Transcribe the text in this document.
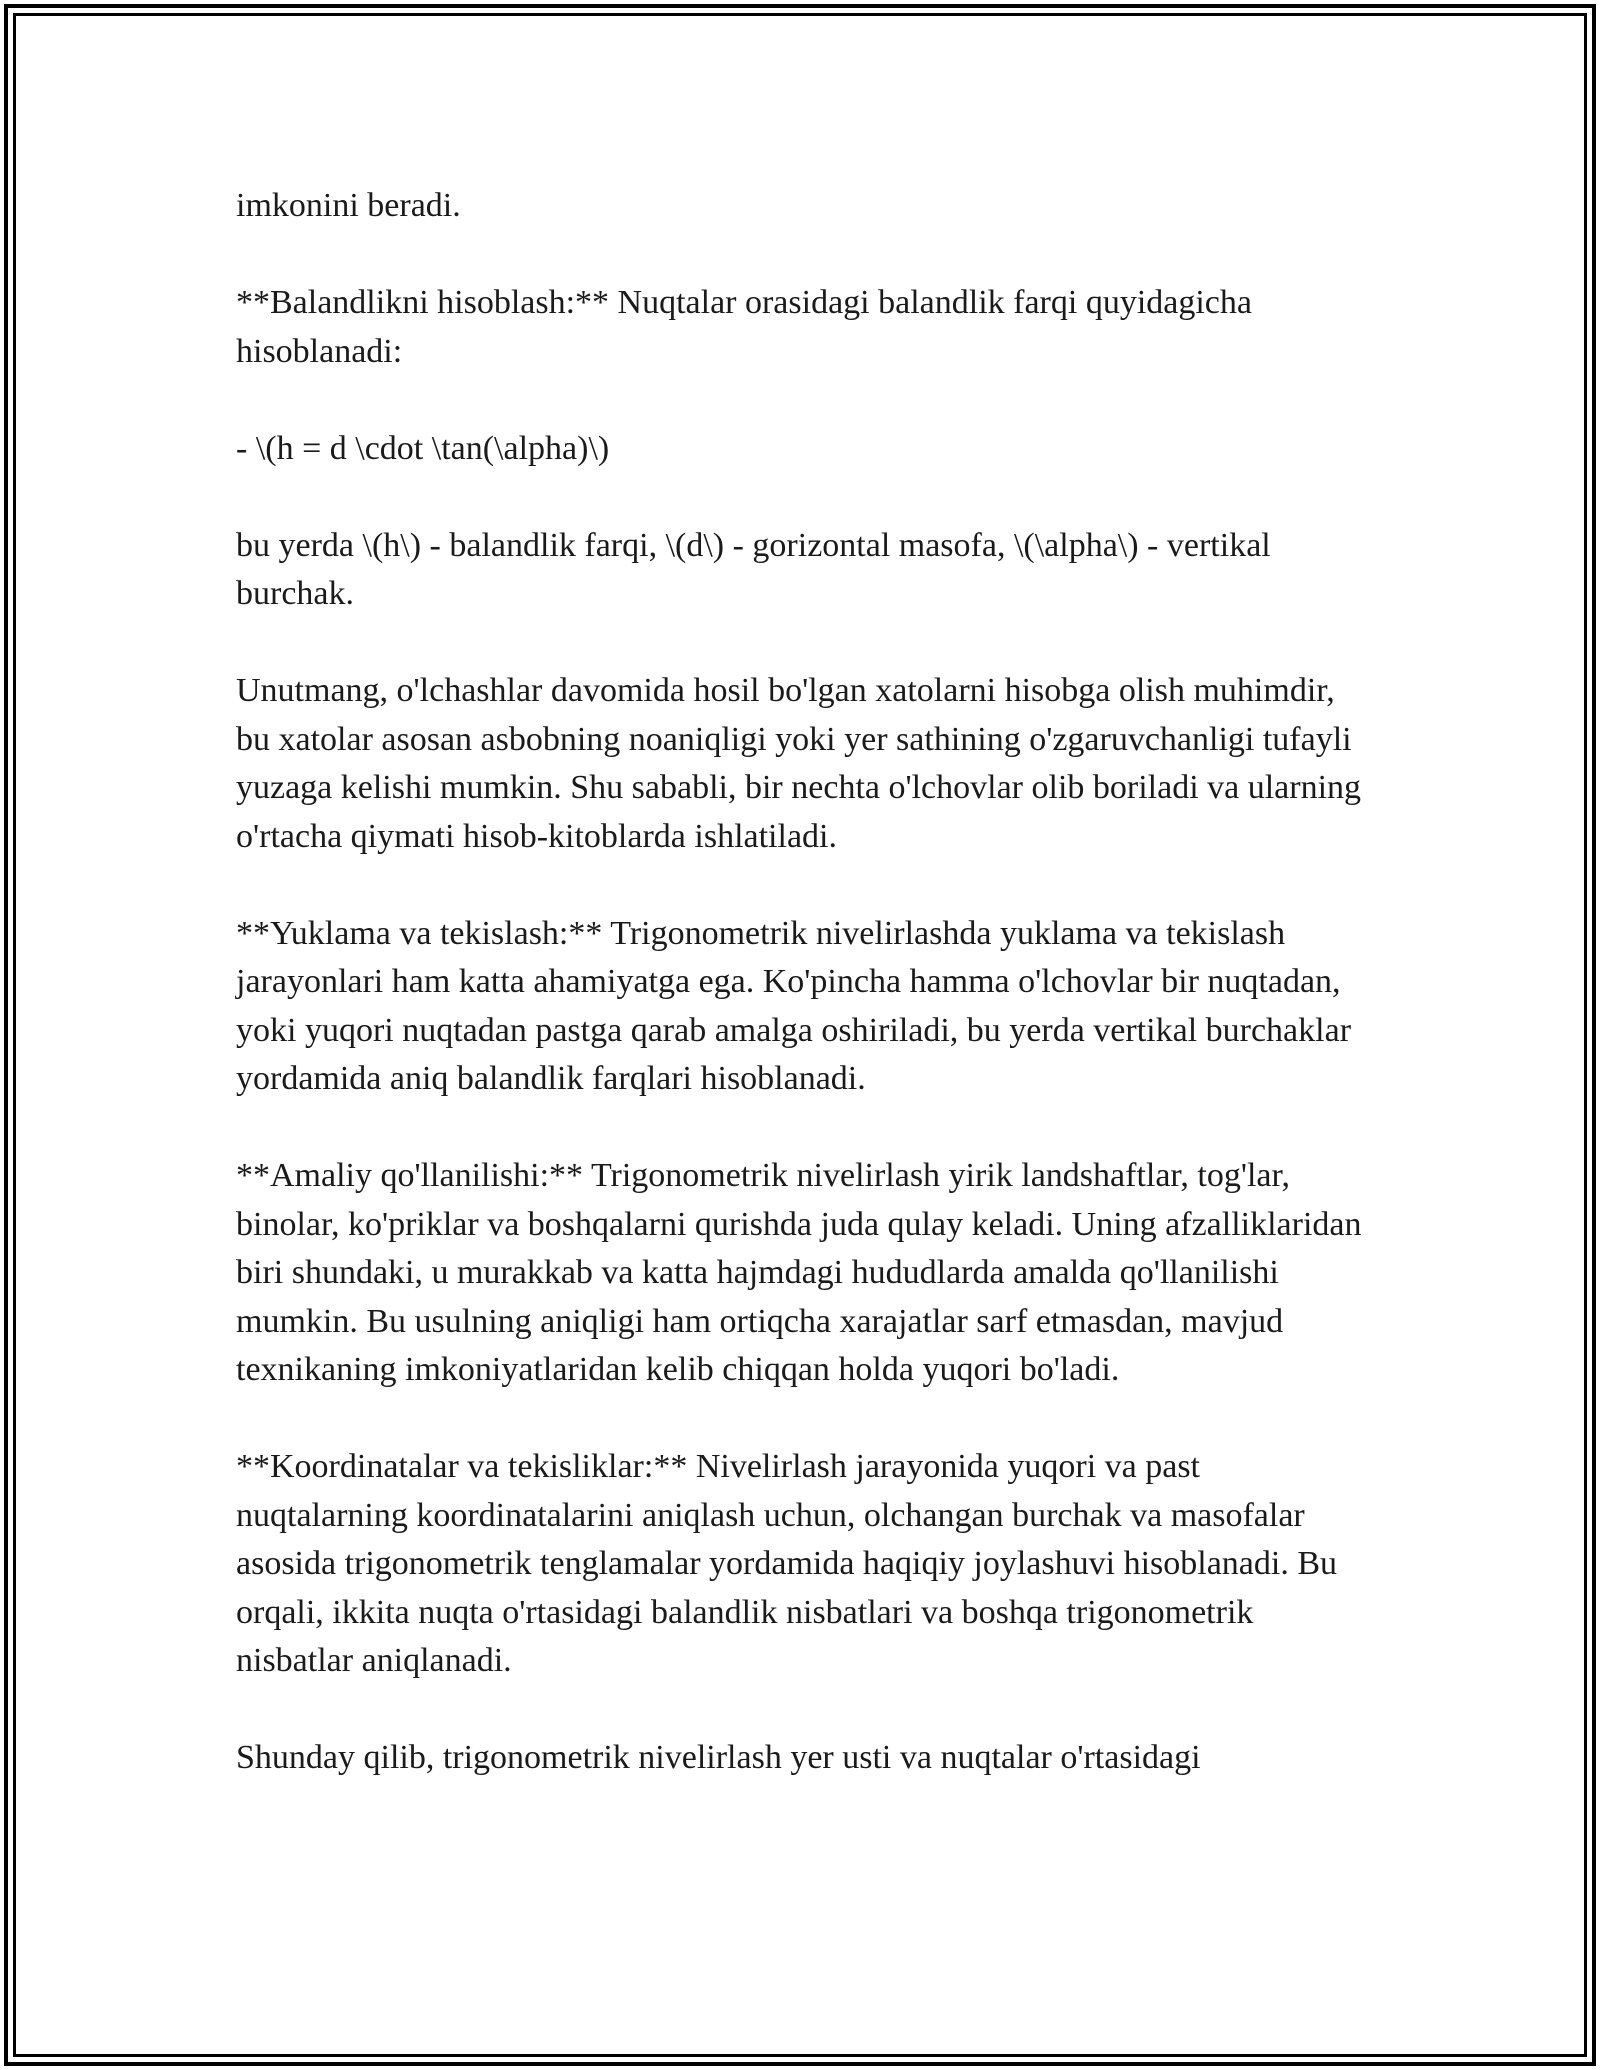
imkonini beradi.

**Balandlikni hisoblash:** Nuqtalar orasidagi balandlik farqi quyidagicha hisoblanadi:

- \(h = d \cdot \tan(\alpha)\)

bu yerda \(h\) - balandlik farqi, \(d\) - gorizontal masofa, \(\alpha\) - vertikal burchak.

Unutmang, o'lchashlar davomida hosil bo'lgan xatolarni hisobga olish muhimdir, bu xatolar asosan asbobning noaniqligi yoki yer sathining o'zgaruvchanligi tufayli yuzaga kelishi mumkin. Shu sababli, bir nechta o'lchovlar olib boriladi va ularning o'rtacha qiymati hisob-kitoblarda ishlatiladi.

**Yuklama va tekislash:** Trigonometrik nivelirlashda yuklama va tekislash jarayonlari ham katta ahamiyatga ega. Ko'pincha hamma o'lchovlar bir nuqtadan, yoki yuqori nuqtadan pastga qarab amalga oshiriladi, bu yerda vertikal burchaklar yordamida aniq balandlik farqlari hisoblanadi.

**Amaliy qo'llanilishi:** Trigonometrik nivelirlash yirik landshaftlar, tog'lar, binolar, ko'priklar va boshqalarni qurishda juda qulay keladi. Uning afzalliklaridan biri shundaki, u murakkab va katta hajmdagi hududlarda amalda qo'llanilishi mumkin. Bu usulning aniqligi ham ortiqcha xarajatlar sarf etmasdan, mavjud texnikaning imkoniyatlaridan kelib chiqqan holda yuqori bo'ladi.

**Koordinatalar va tekisliklar:** Nivelirlash jarayonida yuqori va past nuqtalarning koordinatalarini aniqlash uchun, olchangan burchak va masofalar asosida trigonometrik tenglamalar yordamida haqiqiy joylashuvi hisoblanadi. Bu orqali, ikkita nuqta o'rtasidagi balandlik nisbatlari va boshqa trigonometrik nisbatlar aniqlanadi.

Shunday qilib, trigonometrik nivelirlash yer usti va nuqtalar o'rtasidagi
